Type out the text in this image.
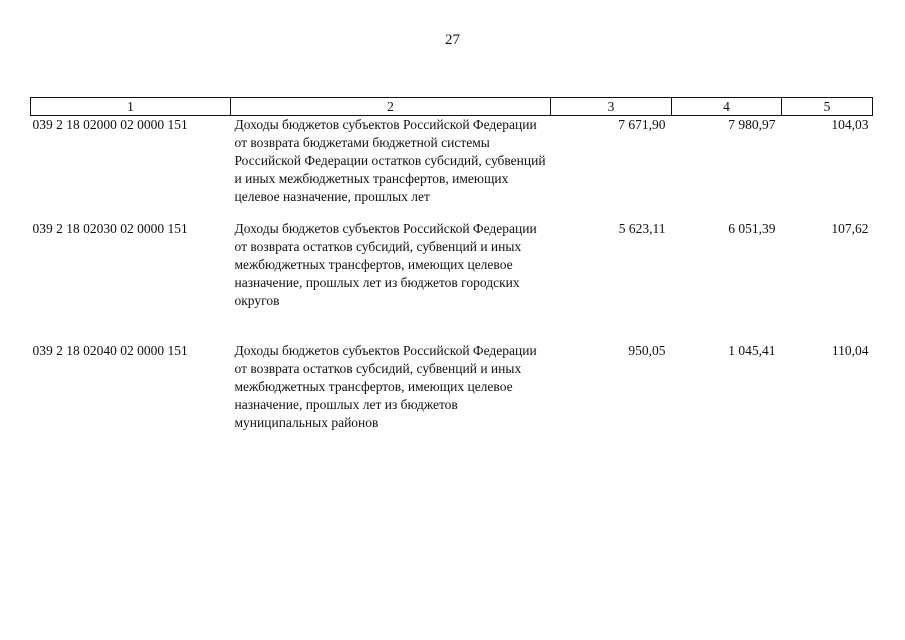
27
1	2	3	4	5
039 2 18 02000 02 0000 151	Доходы бюджетов субъектов Российской Федерации от возврата бюджетами бюджетной системы Российской Федерации остатков субсидий, субвенций и иных межбюджетных трансфертов, имеющих целевое назначение, прошлых лет	7 671,90	7 980,97	104,03
039 2 18 02030 02 0000 151	Доходы бюджетов субъектов Российской Федерации от возврата остатков субсидий, субвенций и иных межбюджетных трансфертов, имеющих целевое назначение, прошлых лет из бюджетов городских округов	5 623,11	6 051,39	107,62
039 2 18 02040 02 0000 151	Доходы бюджетов субъектов Российской Федерации от возврата остатков субсидий, субвенций и иных межбюджетных трансфертов, имеющих целевое назначение, прошлых лет из бюджетов муниципальных районов	950,05	1 045,41	110,04
